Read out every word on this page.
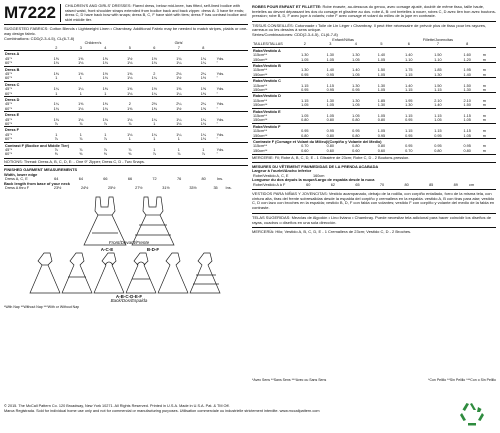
M7222	CHILDREN'S AND GIRLS' DRESSES: Flared dress, below mid-knee, has fitted, self-lined bodice with raised waist, front shoulder straps extended from bodice back and back zipper. dress A: 3 have tie ends; dress C, D have back bow with snaps; dress B, C, F have skirt with tiers; dress F has contrast bodice and skirt middle tier.
SUGGESTED FABRICS: Cotton Blends • Lightweight Linen • Chambray. Additional Fabric may be needed to match stripes, plaids or one-way design fabric.
Combinations: CDD(2-3-4-5), CL(6-7-8)
	Children's				Girls'			
	2	3	4	5	6	7	8	
Dress A								
45"*	1⅝	1⅝	1⅝	1½	1½	1¾	1¾	Yds.
60"*	1⅛	1⅛	1⅛	1⅛	1⅛	1¼	1¼	"
Dress B								
45"*	1⅜	1⅜	1½	1⅝	2	2⅛	2¼	Yds.
60"*	1	1	1⅛	1⅛	1¼	1½	1½	"
Dress C								
45"*	1¼	1¼	1⅜	1⅜	1½	1⅝	1⅝	Yds.
60"*	1	1	1	1⅛	1¼	1¼	1⅜	"
Dress D								
45"*	1¼	1⅜	1⅜	2	2⅛	2¼	2¼	Yds.
60"*	1⅛	1⅛	1⅛	1⅜	1⅜	1½	1⅝	"
Dress E								
45"*	1⅛	1⅛	1⅛	1⅛	1¼	1¼	1¼	Yds.
60"*	⅞	⅞	⅞	⅞	1	1⅛	1⅛	"
Dress F								
45"*	1	1	1	1⅛	1¼	1¼	1¼	Yds.
60"*	⅞	⅞	⅞	1	1	1	1⅛	"
Contrast F (Bodice and Middle Tier)								
45"*	⅞	⅞	⅞	⅞	1	1	1	Yds.
60"*	⅝	⅝	⅝	⅝	⅞	⅞	⅞	"
NOTIONS: Thread: Dress A, B, C, D, E: - One 9" Zipper; Dress C, D - Two Snaps.
FINISHED GARMENT MEASUREMENTS
Width, lower edge
Dress A, C, E	64	64	66	66	72	76	80	Ins.
Back length from base of your neck
Dress A thru F	23½	24½	25½	27½	31½	33½	35	Ins.
A-C-E	B-D-F
Front/Devant/Frente
A-B-C-D-E-F
Back/Dos/Espalda
*With Nap **Without Nap ***With or Without Nap
ROBES POUR ENFANT ET FILLETTE: Robe évasée, au-dessous du genou, avec corsage ajusté, doublé de même tissu, taille haute, bretelles au devant dépassant les dos du corsage et glissière au dos. robe A, B: ont bretelles à nouer, robes C, D avec lien bon avec boutons-pression; robe B, D, F avec jupe à volants; robe F avec corsage et volant du milieu de la jupe en contraste.
TISSUS CONSEILLÉS: Cotonnade • Toile de Lin Léger • Chambray. Il peut être nécessaire de prévoir plus de tissu pour les rayures, carreaux ou les dessins à sens unique.
Séries/Combinaciones: CDD(2-3-4-5), CL(6-7-8)
	Enfant/Niñas				Fillette/Jovencitas			
TAILLES/TALLAS	2	3	4	5	6	7	8	
Robe/Vestido A								
115cm**	1.30	1.30	1.30	1.40	1.40	1.50	1.60	m
150cm**	1.05	1.05	1.05	1.05	1.10	1.10	1.20	m
Robe/Vestido B								
115cm**	1.30	1.40	1.40	1.50	1.75	1.85	1.95	m
150cm**	0.95	0.95	1.05	1.05	1.15	1.30	1.40	m
Robe/Vestido C								
115cm**	1.15	1.15	1.30	1.30	1.40	1.50	1.50	m
150cm**	0.95	0.95	0.95	1.05	1.15	1.15	1.30	m
Robe/Vestido D								
115cm**	1.15	1.30	1.30	1.85	1.95	2.10	2.10	m
150cm**	1.05	1.05	1.05	1.30	1.30	1.40	1.50	m
Robe/Vestido E								
115cm**	1.05	1.05	1.05	1.05	1.15	1.15	1.15	m
150cm**	0.80	0.80	0.80	0.80	0.95	1.05	1.05	m
Robe/Vestido F								
115cm**	0.95	0.95	0.95	1.05	1.15	1.15	1.15	m
150cm**	0.80	0.80	0.80	0.95	0.95	0.95	1.05	m
Contraste F (Corsage et Volant du Milieu)/(Corpiño y Volante del Medio)								
115cm**	0.70	0.80	0.80	0.80	0.95	0.95	0.95	m
150cm**	0.60	0.60	0.60	0.60	0.70	0.80	0.80	m
MERCERIE: Fil; Robe A, B, C, D, E - 1 Glissière de 23cm; Robe C, D - 2 Boutons-pression.
MESURES DU VÊTEMENT FINI/MEDIDAS DE LA PRENDA ACABADA
Largeur à l'ourlet/Ancho inferior
Robe/Vestido A, C, E	160cm
Longueur du dos depuis la nuque/Largo de espalda desde la nuca
Robe/Vestido A à F	60	62	65	70	80	85	89	cm
VESTIDOS PARA NIÑAS Y JOVENCITAS: Vestido acampanado, debajo de la rodilla, con corpiño entallado, forro de la misma tela, con cintura alta, tiras del frente sobresalidas desde la espalda del corpiño y cremallera en la espalda. vestido A, B con tiras para atar; vestido C, D con lazo con broches en la espalda; vestido B, D, F con falda con volantes; vestido F con corpiño y volante del medio de la falda en contraste.
TELAS SUGERIDAS: Mezclas de Algodón • Lino liviano • Chambray. Puede necesitar tela adicional para hacer coincidir los diseños de rayas, cuadros o diseños en una sola dirección.
MERCERÍA: Hilo; Vestido A, B, C, D, E - 1 Cremallera de 23cm; Vestido C, D - 2 Broches.
*Avec Sens **Sans Sens ***Avec ou Sans Sens	*Con Pelillo **Sin Pelillo ***Con o Sin Pelillo
© 2015. The McCall Pattern Co. 120 Broadway, New York 10271. All Rights Reserved. Printed in U.S.A. Made in U.S.A. Pat. & TM Off.
Marca Registrada. Sold for individual home use only and not for commercial or manufacturing purposes. Utilisation commerciale ou industrielle strictement interdite. www.mccallpattern.com
